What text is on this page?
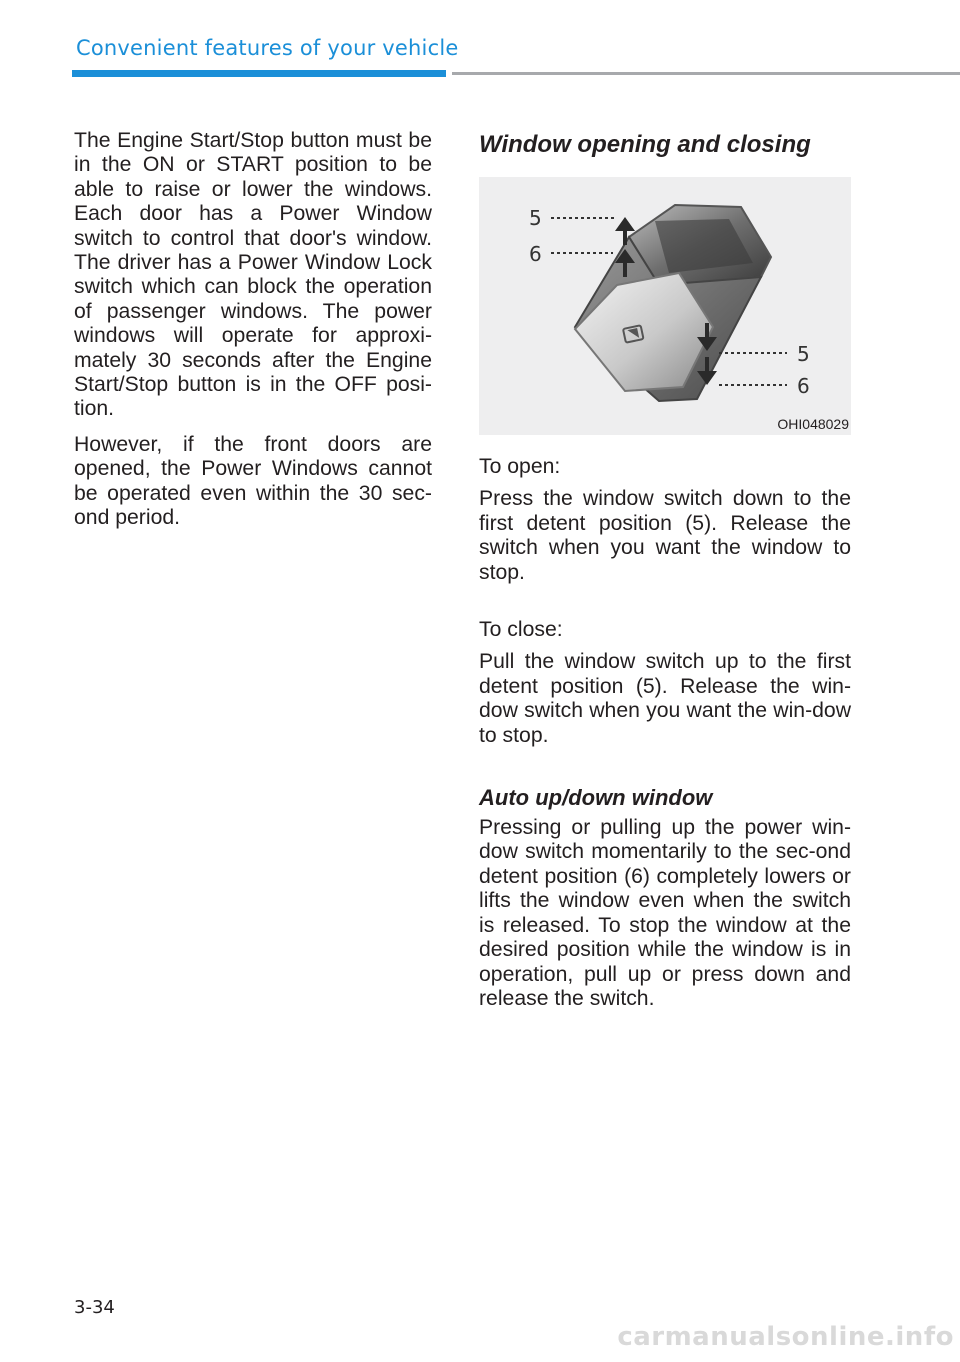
Convenient features of your vehicle

The Engine Start/Stop button must be in the ON or START position to be able to raise or lower the windows. Each door has a Power Window switch to control that door's window. The driver has a Power Window Lock switch which can block the operation of passenger windows. The power windows will operate for approxi-mately 30 seconds after the Engine Start/Stop button is in the OFF posi-tion.

However, if the front doors are opened, the Power Windows cannot be operated even within the 30 sec-ond period.

Window opening and closing
5
6
5
6
OHI048029

To open:

Press the window switch down to the first detent position (5). Release the switch when you want the window to stop.

To close:

Pull the window switch up to the first detent position (5). Release the win-dow switch when you want the win-dow to stop.

Auto up/down window

Pressing or pulling up the power win-dow switch momentarily to the sec-ond detent position (6) completely lowers or lifts the window even when the switch is released. To stop the window at the desired position while the window is in operation, pull up or press down and release the switch.

3-34
carmanualsonline.info
